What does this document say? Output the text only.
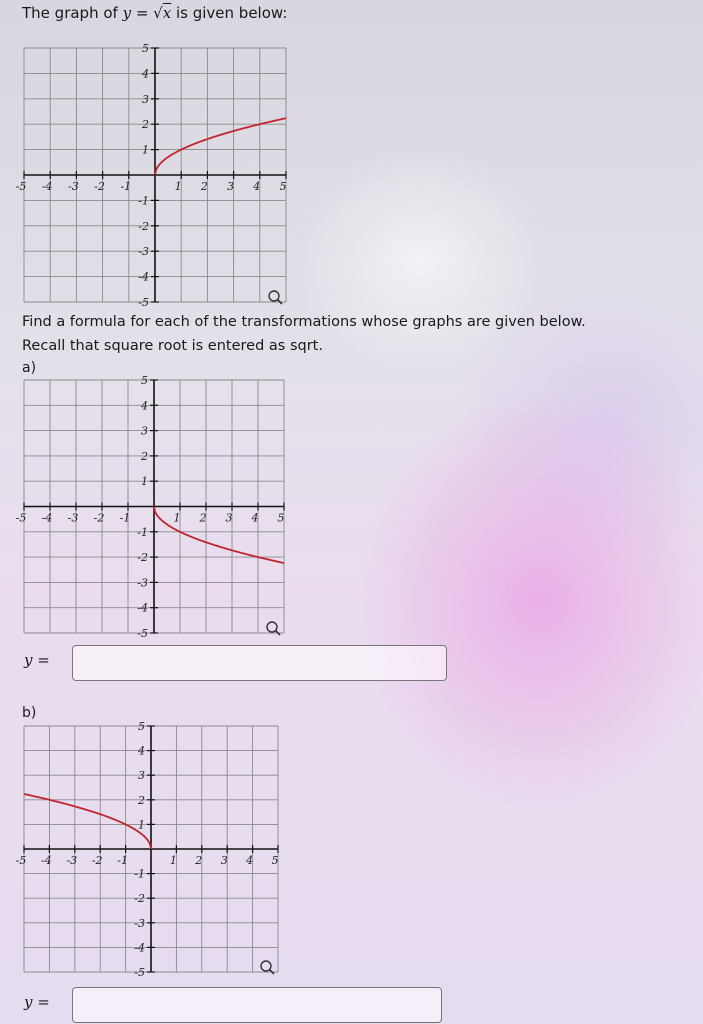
The graph of y = √x is given below:
-5 -4 -3 -2 -1	1 2 3 4 5
5
4
3
2
1
-1
-2
-3
-4
-5
Find a formula for each of the transformations whose graphs are given below.
Recall that square root is entered as sqrt.
a)
-5 -4 -3 -2 -1	1 2 3 4 5
5
4
3
2
1
-1
-2
-3
-4
-5
y =
b)
-5 -4 -3 -2 -1	1 2 3 4 5
5
4
3
2
1
-1
-2
-3
-4
-5
y =
